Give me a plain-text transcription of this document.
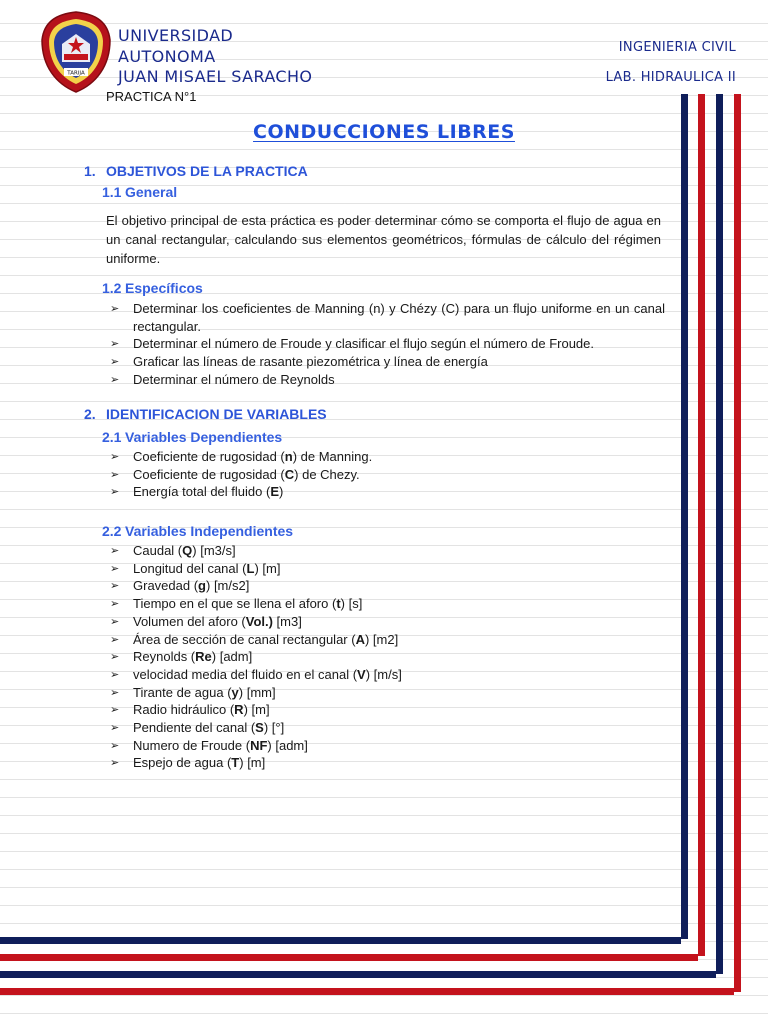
TARIJA
UNIVERSIDAD
AUTONOMA
JUAN MISAEL SARACHO
INGENIERIA CIVIL
LAB. HIDRAULICA II
PRACTICA N°1
CONDUCCIONES LIBRES
1. OBJETIVOS DE LA PRACTICA
1.1 General
El objetivo principal de esta práctica es poder determinar cómo se comporta el flujo de agua en un canal rectangular, calculando sus elementos geométricos, fórmulas de cálculo del régimen uniforme.
1.2 Específicos
➢ Determinar los coeficientes de Manning (n) y Chézy (C) para un flujo uniforme en un canal rectangular.
➢ Determinar el número de Froude y clasificar el flujo según el número de Froude.
➢ Graficar las líneas de rasante piezométrica y línea de energía
➢ Determinar el número de Reynolds
2. IDENTIFICACION DE VARIABLES
2.1 Variables Dependientes
➢ Coeficiente de rugosidad (n) de Manning.
➢ Coeficiente de rugosidad (C) de Chezy.
➢ Energía total del fluido (E)
2.2 Variables Independientes
➢ Caudal (Q) [m3/s]
➢ Longitud del canal (L) [m]
➢ Gravedad (g) [m/s2]
➢ Tiempo en el que se llena el aforo (t) [s]
➢ Volumen del aforo (Vol.) [m3]
➢ Área de sección de canal rectangular (A) [m2]
➢ Reynolds (Re) [adm]
➢ velocidad media del fluido en el canal (V) [m/s]
➢ Tirante de agua (y) [mm]
➢ Radio hidráulico (R) [m]
➢ Pendiente del canal (S) [°]
➢ Numero de Froude (NF) [adm]
➢ Espejo de agua (T) [m]
